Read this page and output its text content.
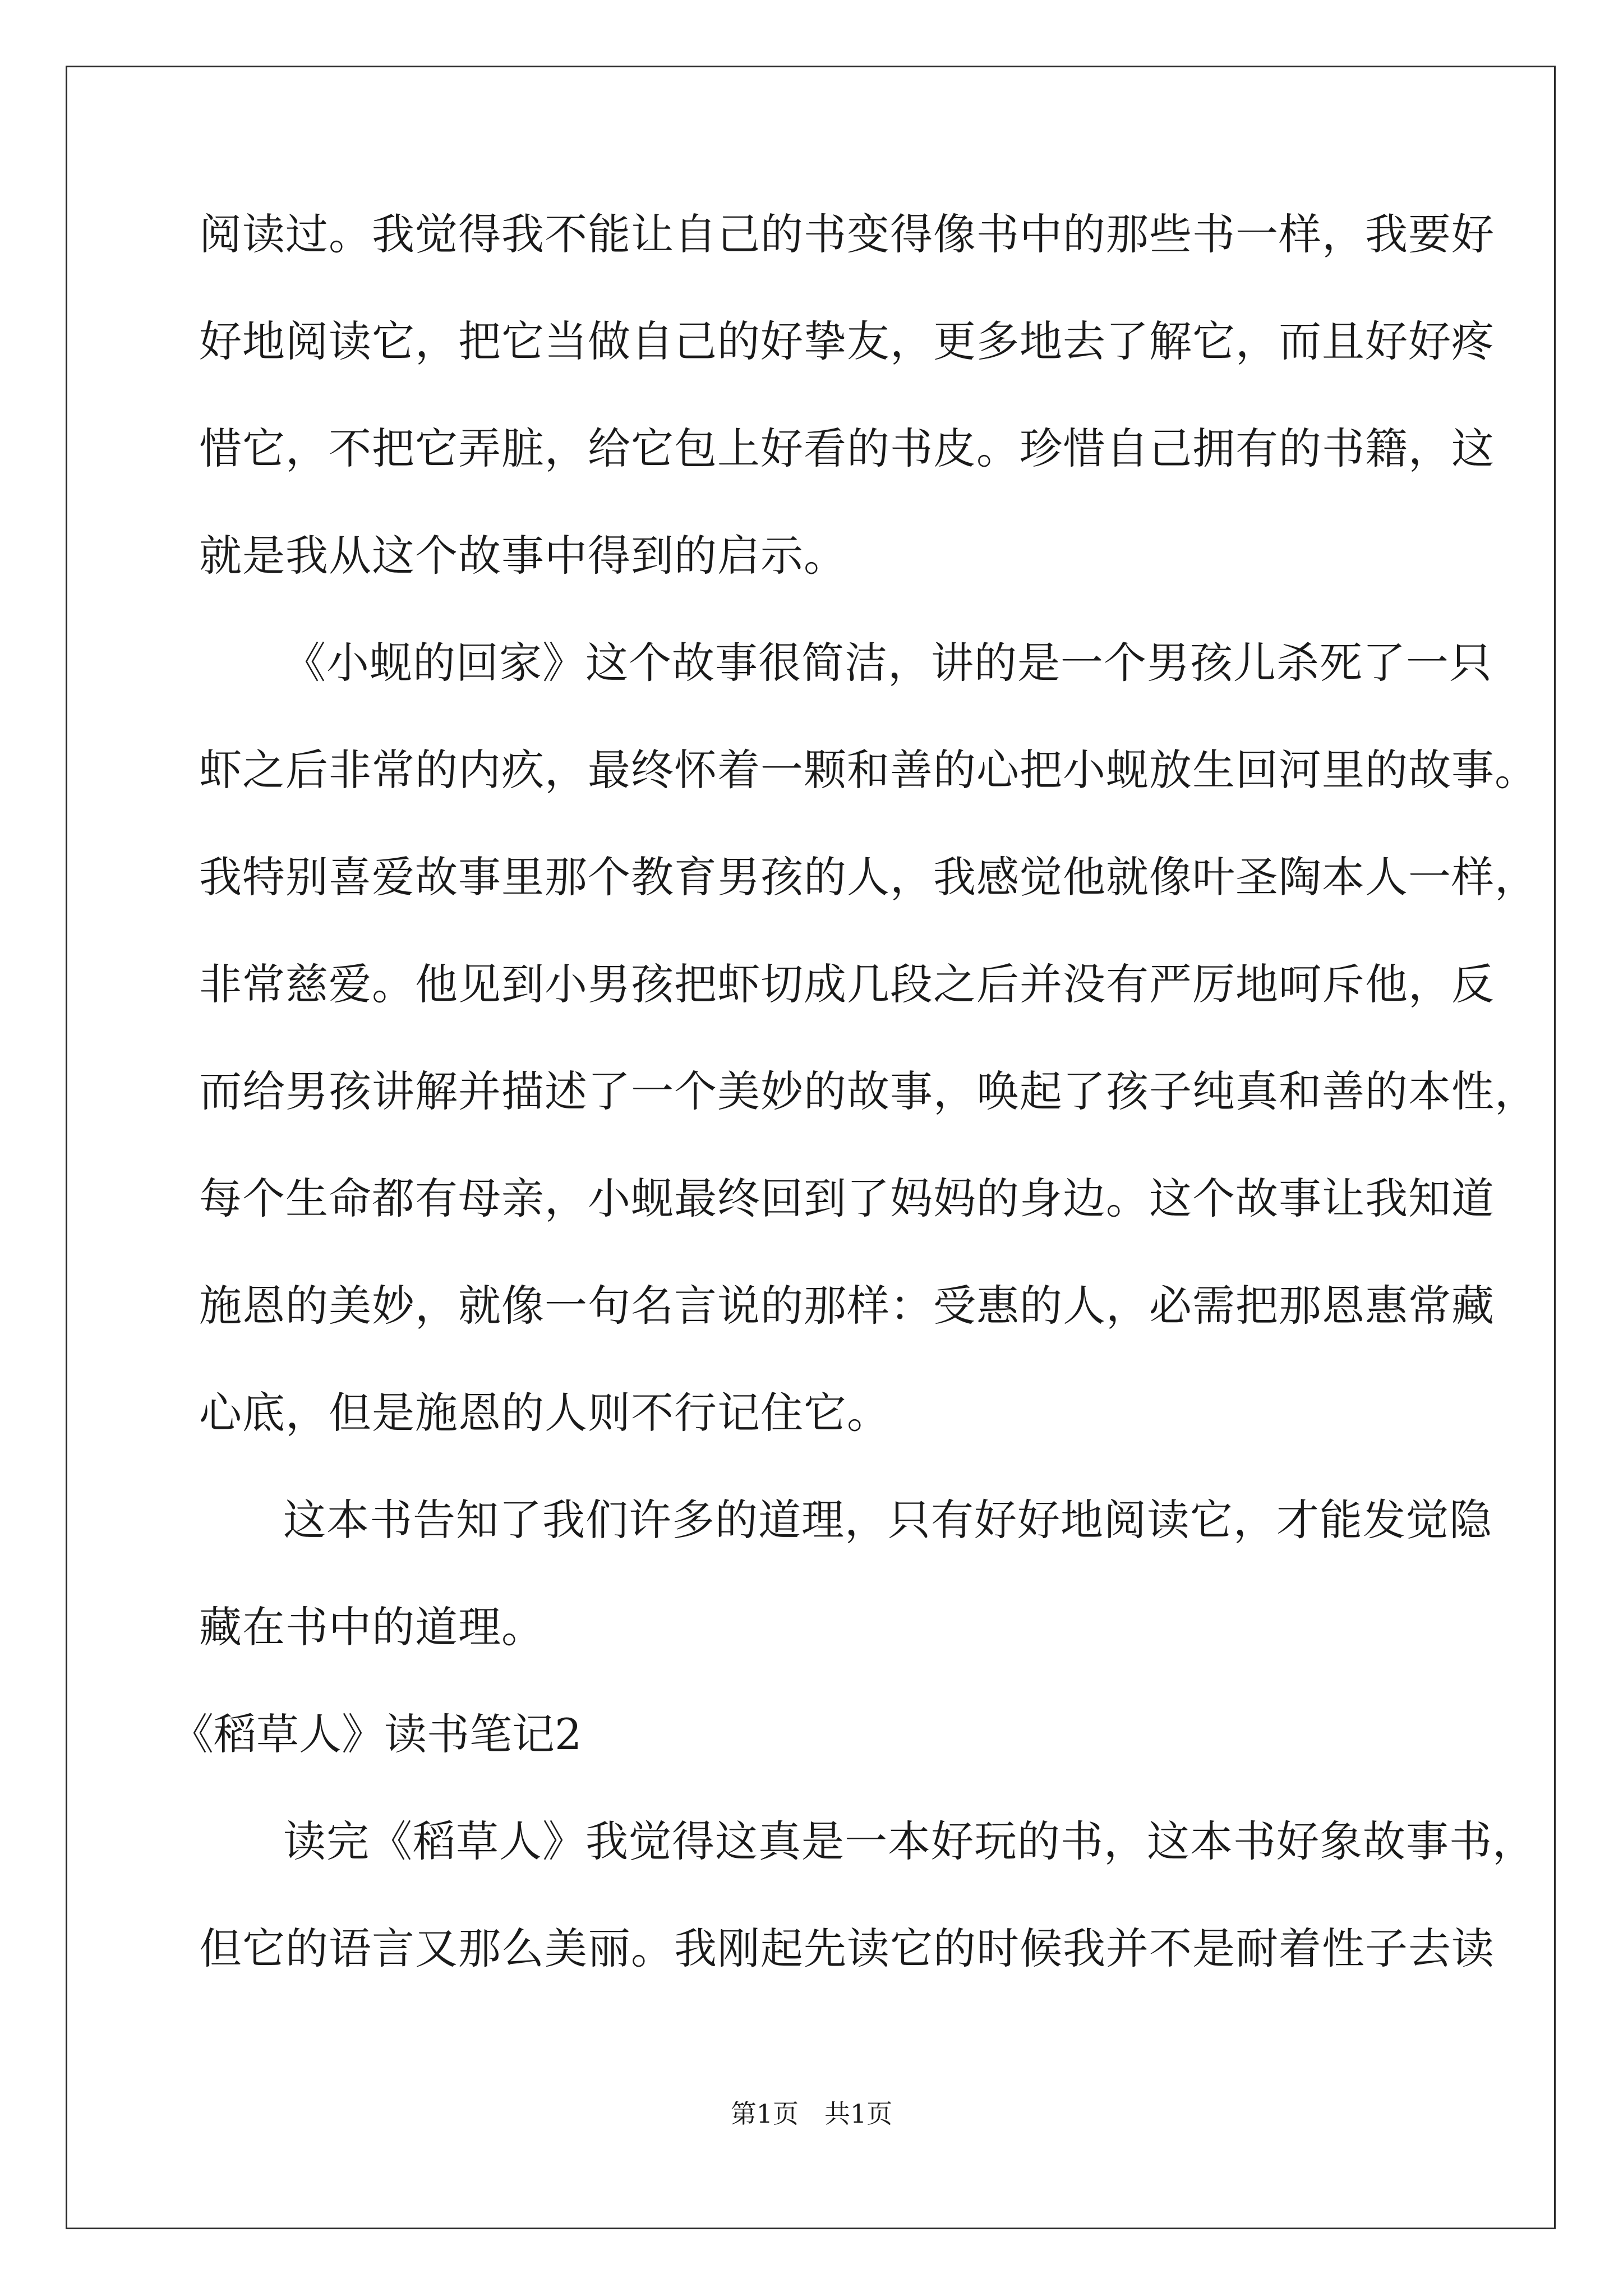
阅读过。我觉得我不能让自己的书变得像书中的那些书一样，我要好
好地阅读它，把它当做自己的好挚友，更多地去了解它，而且好好疼
惜它，不把它弄脏，给它包上好看的书皮。珍惜自己拥有的书籍，这
就是我从这个故事中得到的启示。
《小蚬的回家》这个故事很简洁，讲的是一个男孩儿杀死了一只
虾之后非常的内疚，最终怀着一颗和善的心把小蚬放生回河里的故事。
我特别喜爱故事里那个教育男孩的人，我感觉他就像叶圣陶本人一样，
非常慈爱。他见到小男孩把虾切成几段之后并没有严厉地呵斥他，反
而给男孩讲解并描述了一个美妙的故事，唤起了孩子纯真和善的本性，
每个生命都有母亲，小蚬最终回到了妈妈的身边。这个故事让我知道
施恩的美妙，就像一句名言说的那样：受惠的人，必需把那恩惠常藏
心底，但是施恩的人则不行记住它。
这本书告知了我们许多的道理，只有好好地阅读它，才能发觉隐
藏在书中的道理。
《稻草人》读书笔记2
读完《稻草人》我觉得这真是一本好玩的书，这本书好象故事书，
但它的语言又那么美丽。我刚起先读它的时候我并不是耐着性子去读
第1页　共1页
